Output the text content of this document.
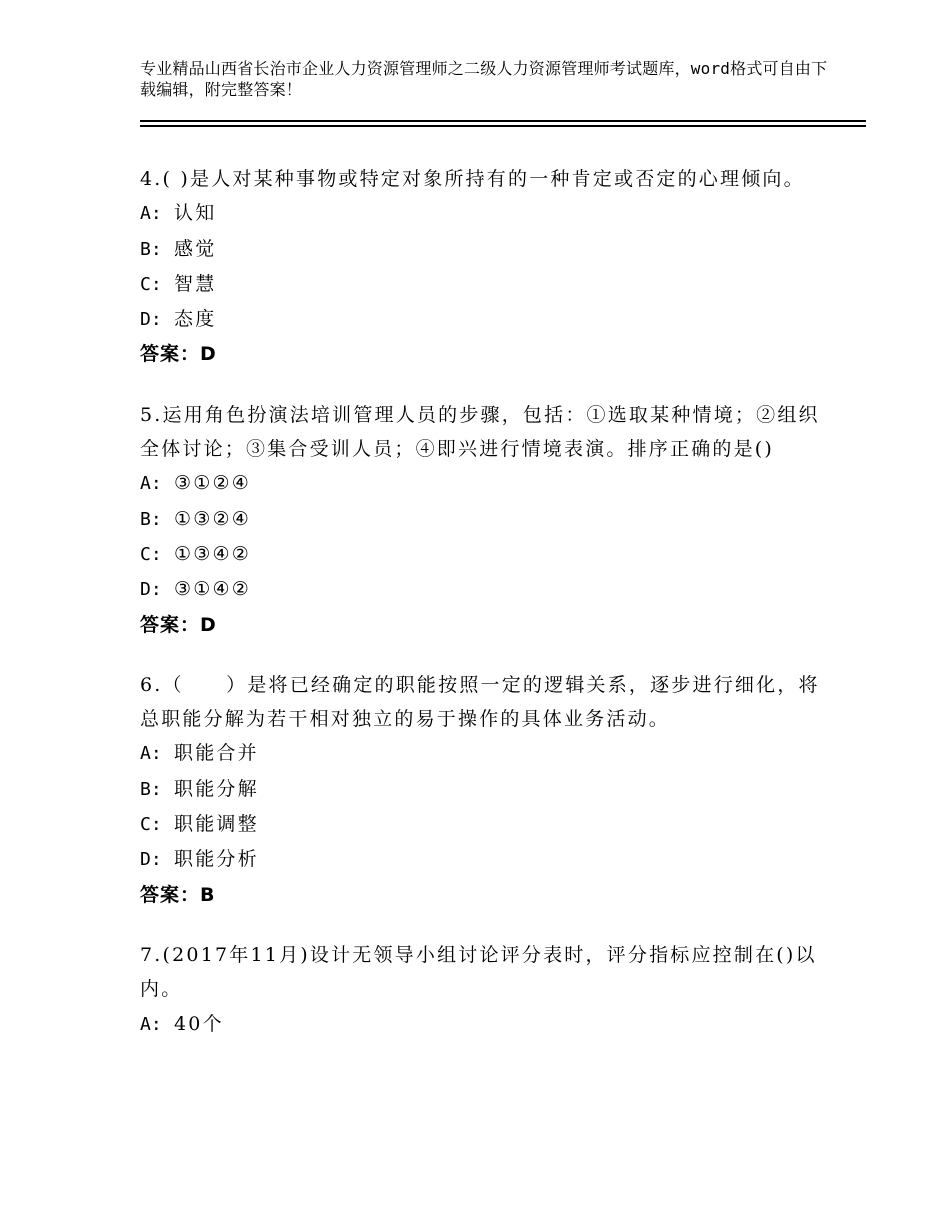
专业精品山西省长治市企业人力资源管理师之二级人力资源管理师考试题库，word格式可自由下载编辑，附完整答案！
4.( )是人对某种事物或特定对象所持有的一种肯定或否定的心理倾向。
A: 认知
B: 感觉
C: 智慧
D: 态度
答案：D
5.运用角色扮演法培训管理人员的步骤，包括：①选取某种情境；②组织全体讨论；③集合受训人员；④即兴进行情境表演。排序正确的是()
A: ③①②④
B: ①③②④
C: ①③④②
D: ③①④②
答案：D
6.（　　）是将已经确定的职能按照一定的逻辑关系，逐步进行细化，将总职能分解为若干相对独立的易于操作的具体业务活动。
A: 职能合并
B: 职能分解
C: 职能调整
D: 职能分析
答案：B
7.(2017年11月)设计无领导小组讨论评分表时，评分指标应控制在()以内。
A: 40个
